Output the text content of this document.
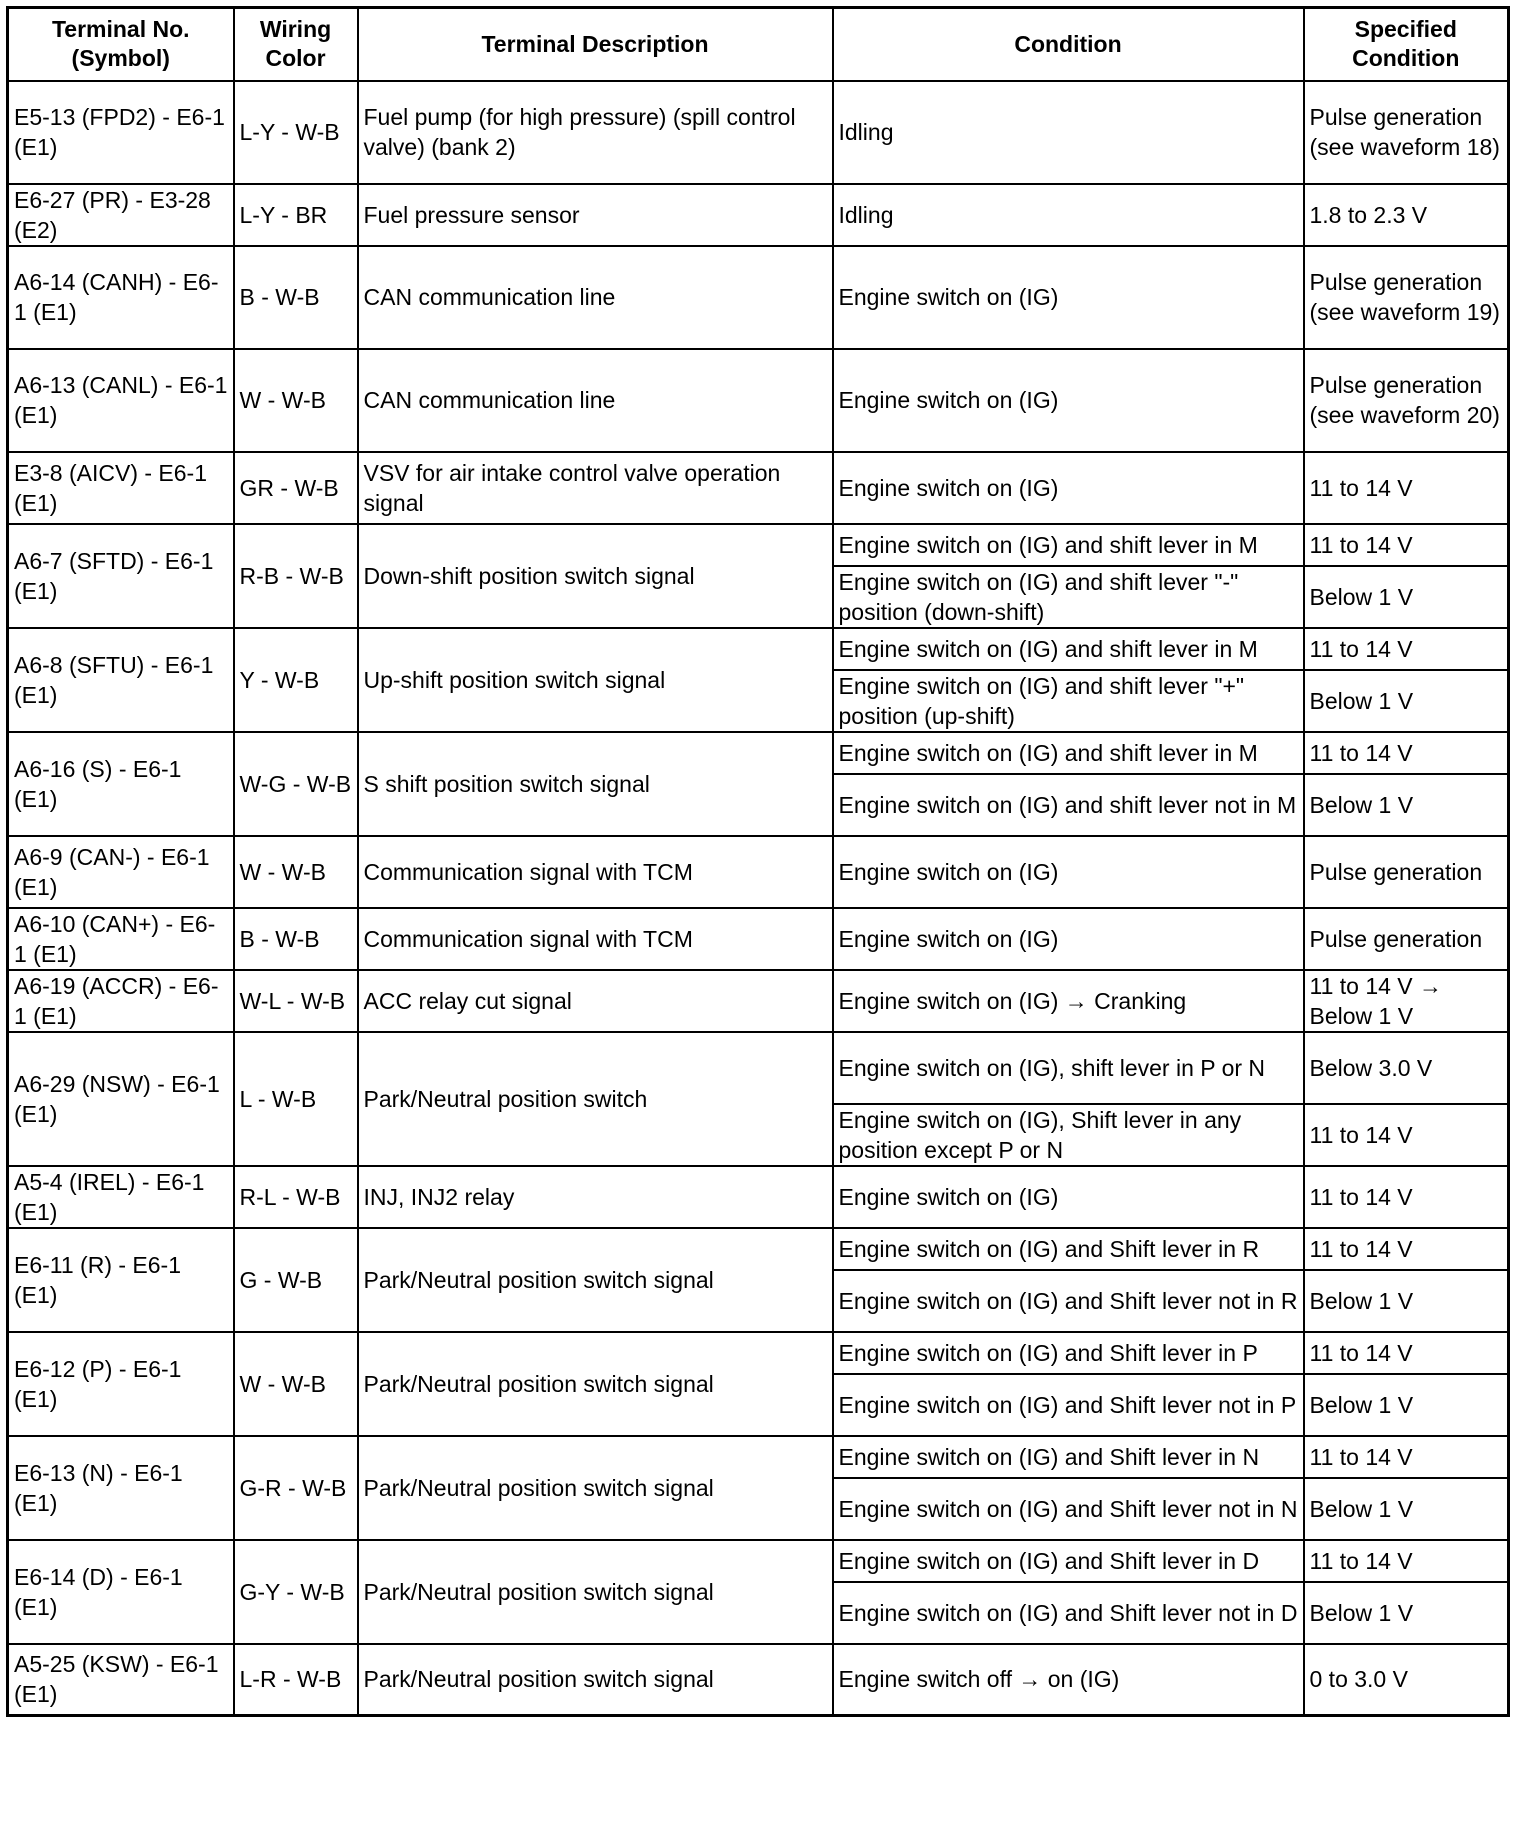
Terminal No. (Symbol)	Wiring Color	Terminal Description	Condition	Specified Condition
E5-13 (FPD2) - E6-1 (E1)	L-Y - W-B	Fuel pump (for high pressure) (spill control valve) (bank 2)	Idling	Pulse generation (see waveform 18)
E6-27 (PR) - E3-28 (E2)	L-Y - BR	Fuel pressure sensor	Idling	1.8 to 2.3 V
A6-14 (CANH) - E6-1 (E1)	B - W-B	CAN communication line	Engine switch on (IG)	Pulse generation (see waveform 19)
A6-13 (CANL) - E6-1 (E1)	W - W-B	CAN communication line	Engine switch on (IG)	Pulse generation (see waveform 20)
E3-8 (AICV) - E6-1 (E1)	GR - W-B	VSV for air intake control valve operation signal	Engine switch on (IG)	11 to 14 V
A6-7 (SFTD) - E6-1 (E1)	R-B - W-B	Down-shift position switch signal	Engine switch on (IG) and shift lever in M	11 to 14 V
			Engine switch on (IG) and shift lever "-" position (down-shift)	Below 1 V
A6-8 (SFTU) - E6-1 (E1)	Y - W-B	Up-shift position switch signal	Engine switch on (IG) and shift lever in M	11 to 14 V
			Engine switch on (IG) and shift lever "+" position (up-shift)	Below 1 V
A6-16 (S) - E6-1 (E1)	W-G - W-B	S shift position switch signal	Engine switch on (IG) and shift lever in M	11 to 14 V
			Engine switch on (IG) and shift lever not in M	Below 1 V
A6-9 (CAN-) - E6-1 (E1)	W - W-B	Communication signal with TCM	Engine switch on (IG)	Pulse generation
A6-10 (CAN+) - E6-1 (E1)	B - W-B	Communication signal with TCM	Engine switch on (IG)	Pulse generation
A6-19 (ACCR) - E6-1 (E1)	W-L - W-B	ACC relay cut signal	Engine switch on (IG) → Cranking	11 to 14 V → Below 1 V
A6-29 (NSW) - E6-1 (E1)	L - W-B	Park/Neutral position switch	Engine switch on (IG), shift lever in P or N	Below 3.0 V
			Engine switch on (IG), Shift lever in any position except P or N	11 to 14 V
A5-4 (IREL) - E6-1 (E1)	R-L - W-B	INJ, INJ2 relay	Engine switch on (IG)	11 to 14 V
E6-11 (R) - E6-1 (E1)	G - W-B	Park/Neutral position switch signal	Engine switch on (IG) and Shift lever in R	11 to 14 V
			Engine switch on (IG) and Shift lever not in R	Below 1 V
E6-12 (P) - E6-1 (E1)	W - W-B	Park/Neutral position switch signal	Engine switch on (IG) and Shift lever in P	11 to 14 V
			Engine switch on (IG) and Shift lever not in P	Below 1 V
E6-13 (N) - E6-1 (E1)	G-R - W-B	Park/Neutral position switch signal	Engine switch on (IG) and Shift lever in N	11 to 14 V
			Engine switch on (IG) and Shift lever not in N	Below 1 V
E6-14 (D) - E6-1 (E1)	G-Y - W-B	Park/Neutral position switch signal	Engine switch on (IG) and Shift lever in D	11 to 14 V
			Engine switch on (IG) and Shift lever not in D	Below 1 V
A5-25 (KSW) - E6-1 (E1)	L-R - W-B	Park/Neutral position switch signal	Engine switch off → on (IG)	0 to 3.0 V
